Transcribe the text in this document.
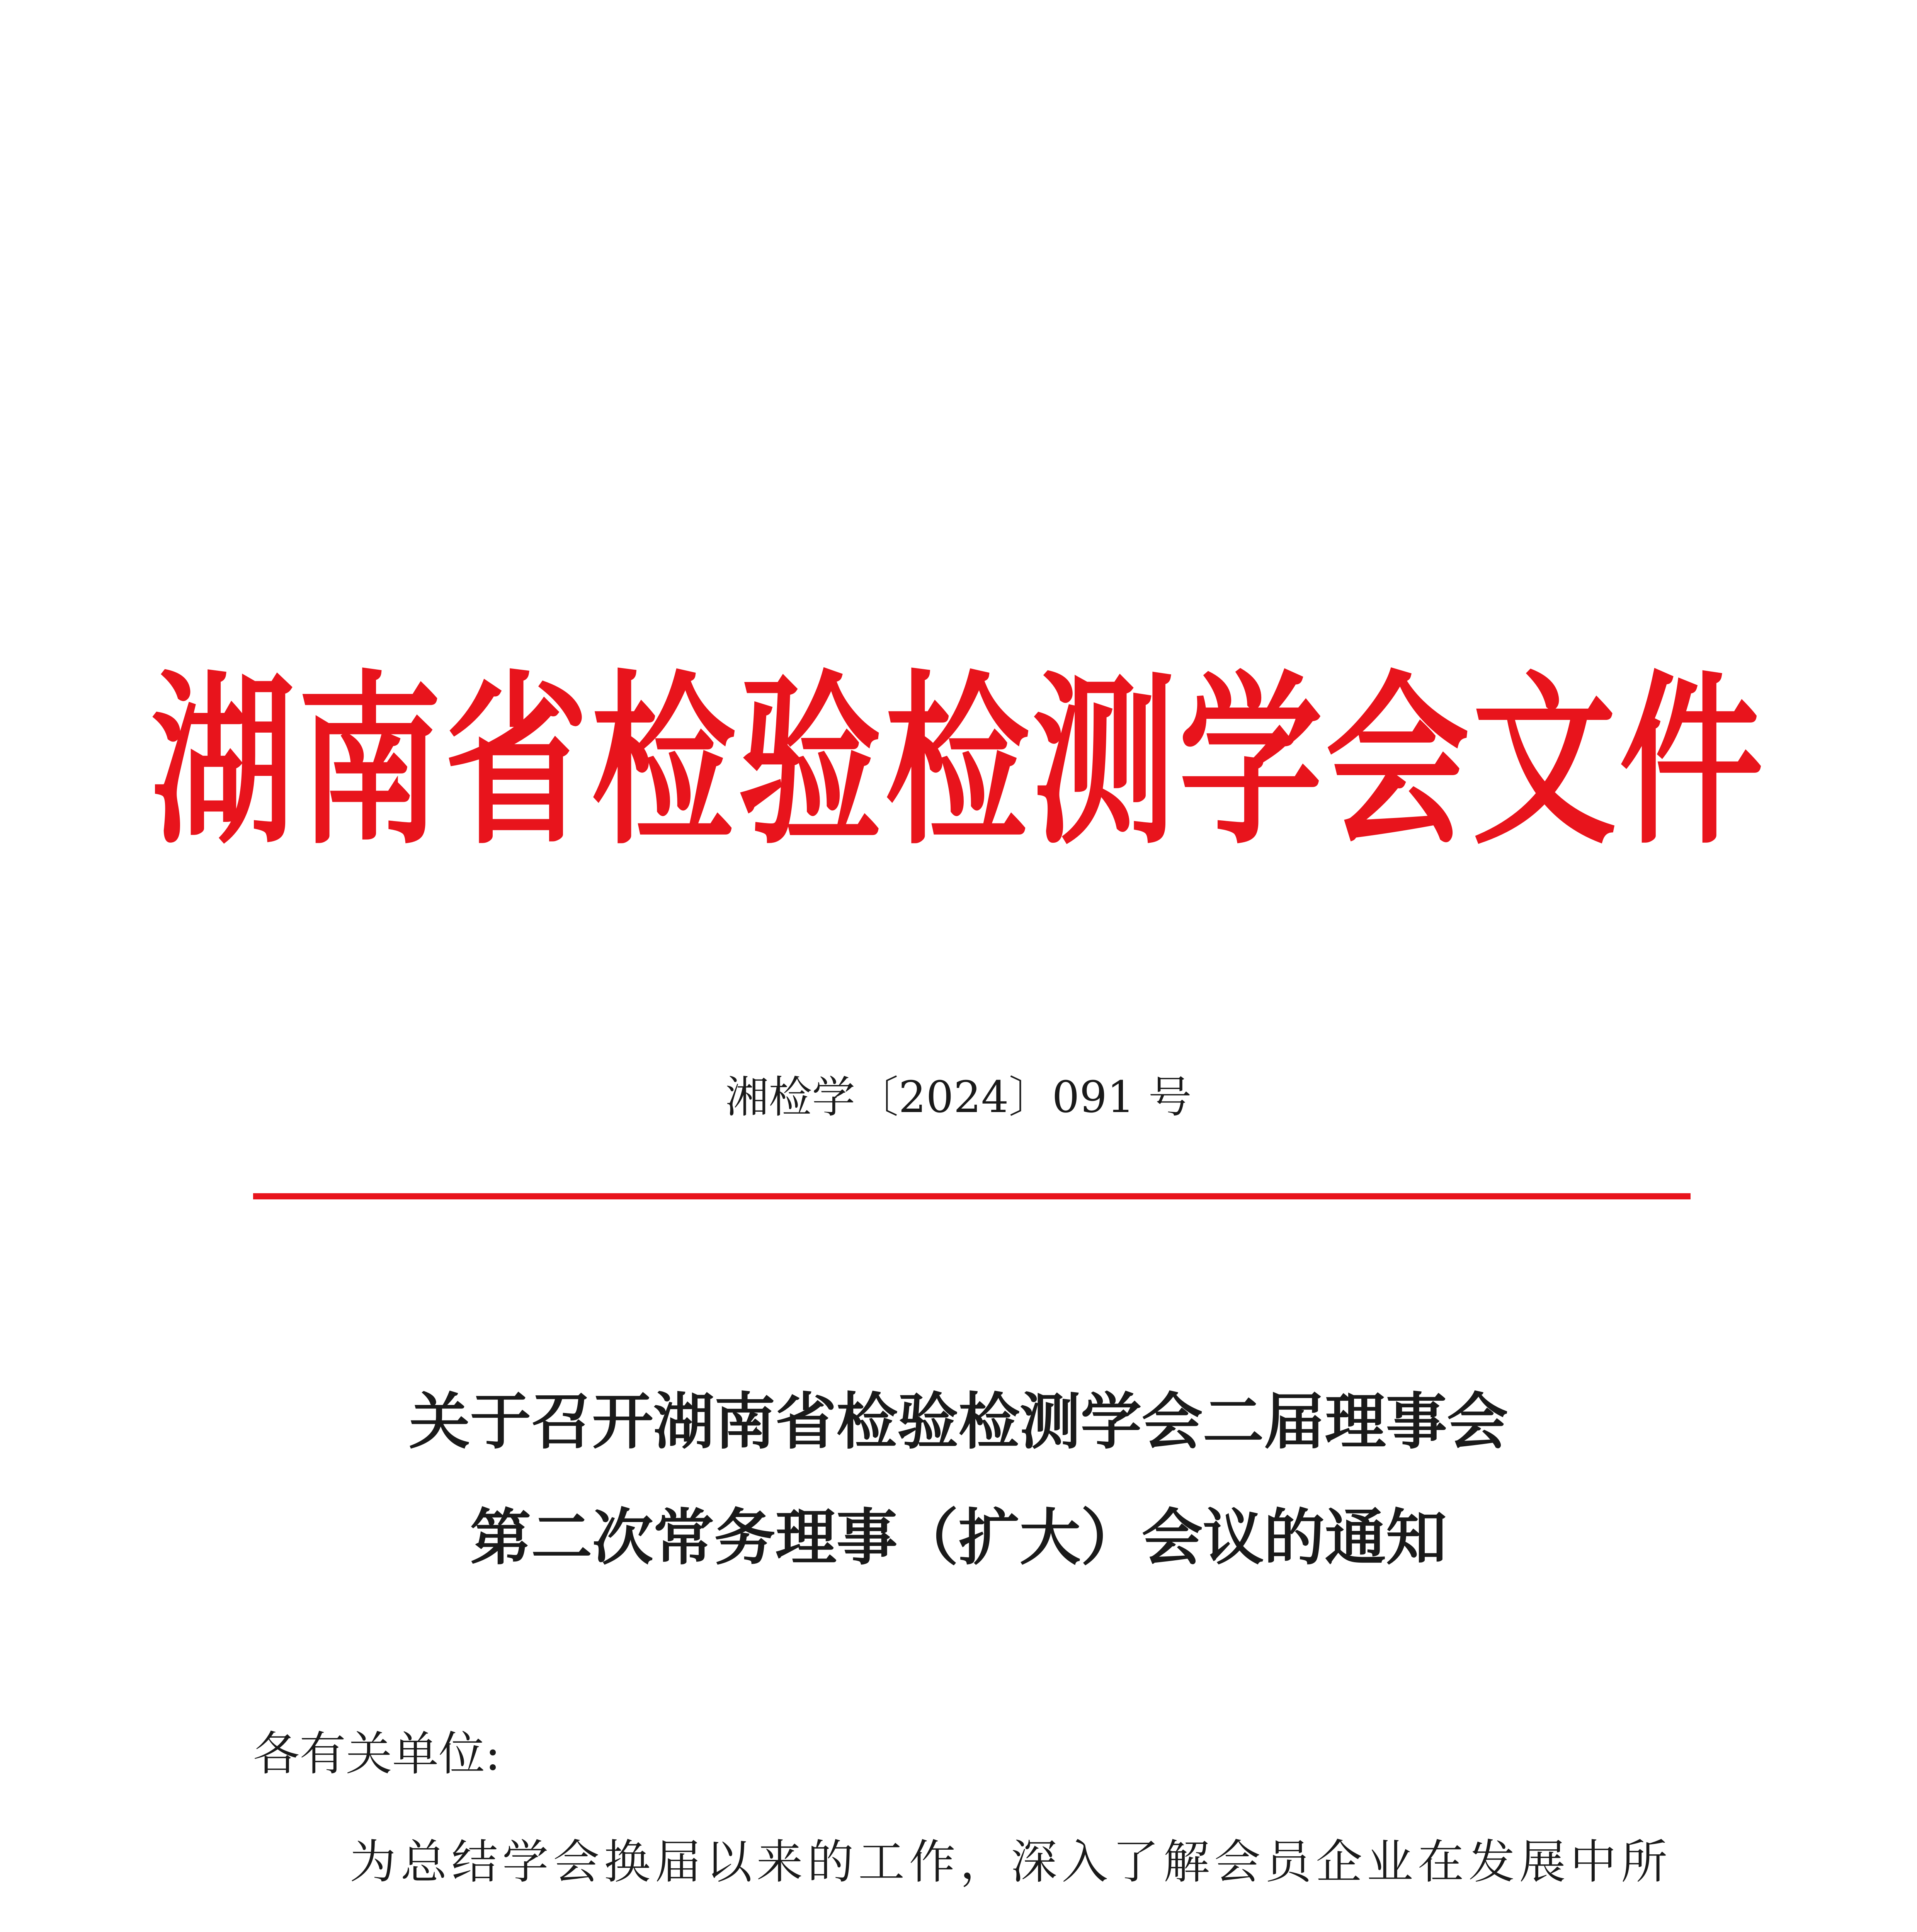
湖南省检验检测学会文件
湘检学〔2024〕091 号
关于召开湖南省检验检测学会二届理事会
第二次常务理事（扩大）会议的通知
各有关单位:
为总结学会换届以来的工作，深入了解会员企业在发展中所
